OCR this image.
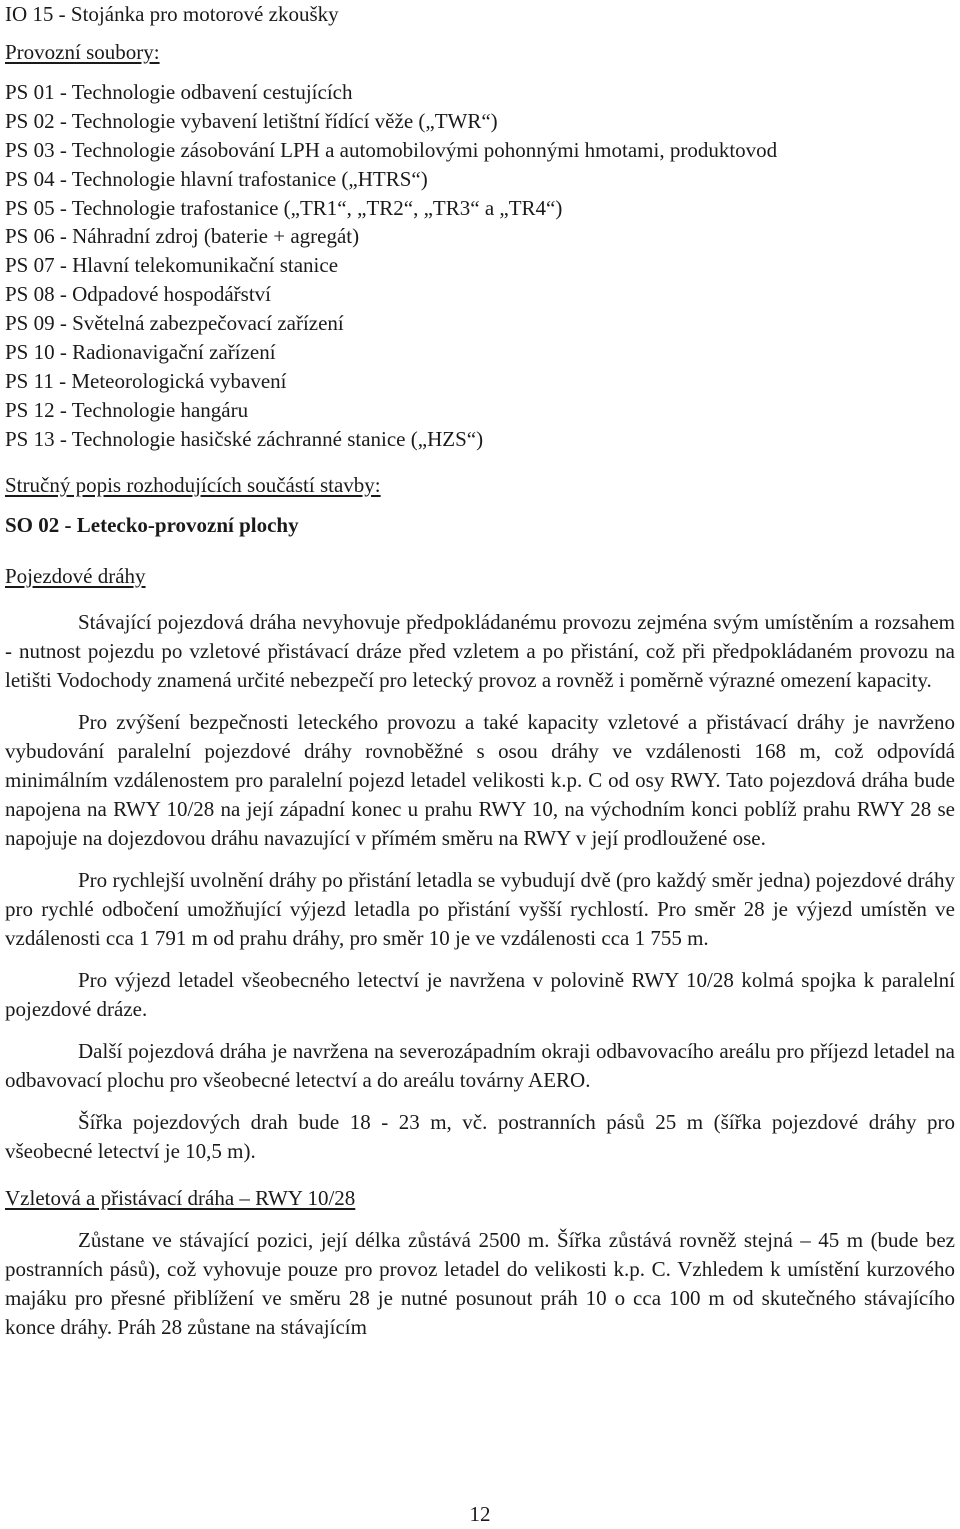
IO 15 - Stojánka pro motorové zkoušky
Provozní soubory:
PS 01 - Technologie odbavení cestujících
PS 02 - Technologie vybavení letištní řídící věže („TWR“)
PS 03 - Technologie zásobování LPH a automobilovými pohonnými hmotami, produktovod
PS 04 - Technologie hlavní trafostanice („HTRS“)
PS 05 - Technologie trafostanice („TR1“, „TR2“, „TR3“ a „TR4“)
PS 06 - Náhradní zdroj (baterie + agregát)
PS 07 - Hlavní telekomunikační stanice
PS 08 - Odpadové hospodářství
PS 09 - Světelná zabezpečovací zařízení
PS 10 - Radionavigační zařízení
PS 11 - Meteorologická vybavení
PS 12 - Technologie hangáru
PS 13 - Technologie hasičské záchranné stanice („HZS“)
Stručný popis rozhodujících součástí stavby:
SO 02 - Letecko-provozní plochy
Pojezdové dráhy

Stávající pojezdová dráha nevyhovuje předpokládanému provozu zejména svým umístěním a rozsahem - nutnost pojezdu po vzletové přistávací dráze před vzletem a po přistání, což při předpokládaném provozu na letišti Vodochody znamená určité nebezpečí pro letecký provoz a rovněž i poměrně výrazné omezení kapacity.

Pro zvýšení bezpečnosti leteckého provozu a také kapacity vzletové a přistávací dráhy je navrženo vybudování paralelní pojezdové dráhy rovnoběžné s osou dráhy ve vzdálenosti 168 m, což odpovídá minimálním vzdálenostem pro paralelní pojezd letadel velikosti k.p. C od osy RWY. Tato pojezdová dráha bude napojena na RWY 10/28 na její západní konec u prahu RWY 10, na východním konci poblíž prahu RWY 28 se napojuje na dojezdovou dráhu navazující v přímém směru na RWY v její prodloužené ose.

Pro rychlejší uvolnění dráhy po přistání letadla se vybudují dvě (pro každý směr jedna) pojezdové dráhy pro rychlé odbočení umožňující výjezd letadla po přistání vyšší rychlostí. Pro směr 28 je výjezd umístěn ve vzdálenosti cca 1 791 m od prahu dráhy, pro směr 10 je ve vzdálenosti cca 1 755 m.

Pro výjezd letadel všeobecného letectví je navržena v polovině RWY 10/28 kolmá spojka k paralelní pojezdové dráze.

Další pojezdová dráha je navržena na severozápadním okraji odbavovacího areálu pro příjezd letadel na odbavovací plochu pro všeobecné letectví a do areálu továrny AERO.

Šířka pojezdových drah bude 18 - 23 m, vč. postranních pásů 25 m (šířka pojezdové dráhy pro všeobecné letectví je 10,5 m).

Vzletová a přistávací dráha – RWY 10/28

Zůstane ve stávající pozici, její délka zůstává 2500 m. Šířka zůstává rovněž stejná – 45 m (bude bez postranních pásů), což vyhovuje pouze pro provoz letadel do velikosti k.p. C. Vzhledem k umístění kurzového majáku pro přesné přiblížení ve směru 28 je nutné posunout práh 10 o cca 100 m od skutečného stávajícího konce dráhy. Práh 28 zůstane na stávajícím

12
